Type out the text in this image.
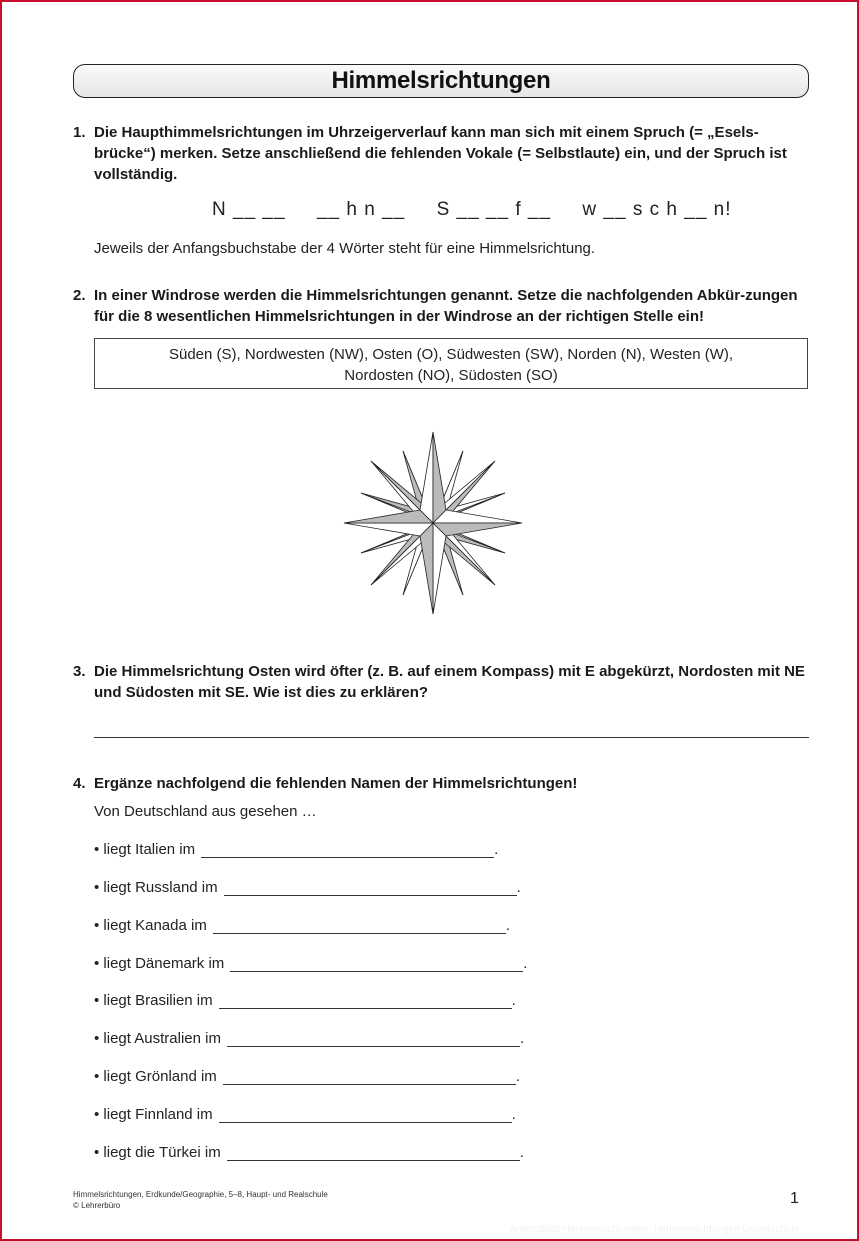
Himmelsrichtungen
1. Die Haupthimmelsrichtungen im Uhrzeigerverlauf kann man sich mit einem Spruch (= „Esels-brücke“) merken. Setze anschließend die fehlenden Vokale (= Selbstlaute) ein, und der Spruch ist vollständig.
N __ __     __ h n __     S __ __ f __     w __ s c h __ n!
Jeweils der Anfangsbuchstabe der 4 Wörter steht für eine Himmelsrichtung.
2. In einer Windrose werden die Himmelsrichtungen genannt. Setze die nachfolgenden Abkür-zungen für die 8 wesentlichen Himmelsrichtungen in der Windrose an der richtigen Stelle ein!
Süden (S), Nordwesten (NW), Osten (O), Südwesten (SW), Norden (N), Westen (W),
Nordosten (NO), Südosten (SO)
3. Die Himmelsrichtung Osten wird öfter (z. B. auf einem Kompass) mit E abgekürzt, Nordosten mit NE und Südosten mit SE. Wie ist dies zu erklären?
4. Ergänze nachfolgend die fehlenden Namen der Himmelsrichtungen!
Von Deutschland aus gesehen …
• liegt Italien im	.
• liegt Russland im	.
• liegt Kanada im	.
• liegt Dänemark im	.
• liegt Brasilien im	.
• liegt Australien im	.
• liegt Grönland im	.
• liegt Finnland im	.
• liegt die Türkei im	.
Himmelsrichtungen, Erdkunde/Geographie, 5–8, Haupt- und Realschule
© Lehrerbüro	1
Arbeitsblatt Himmelsrichtungen: Himmelsrichtungen Grundschule
